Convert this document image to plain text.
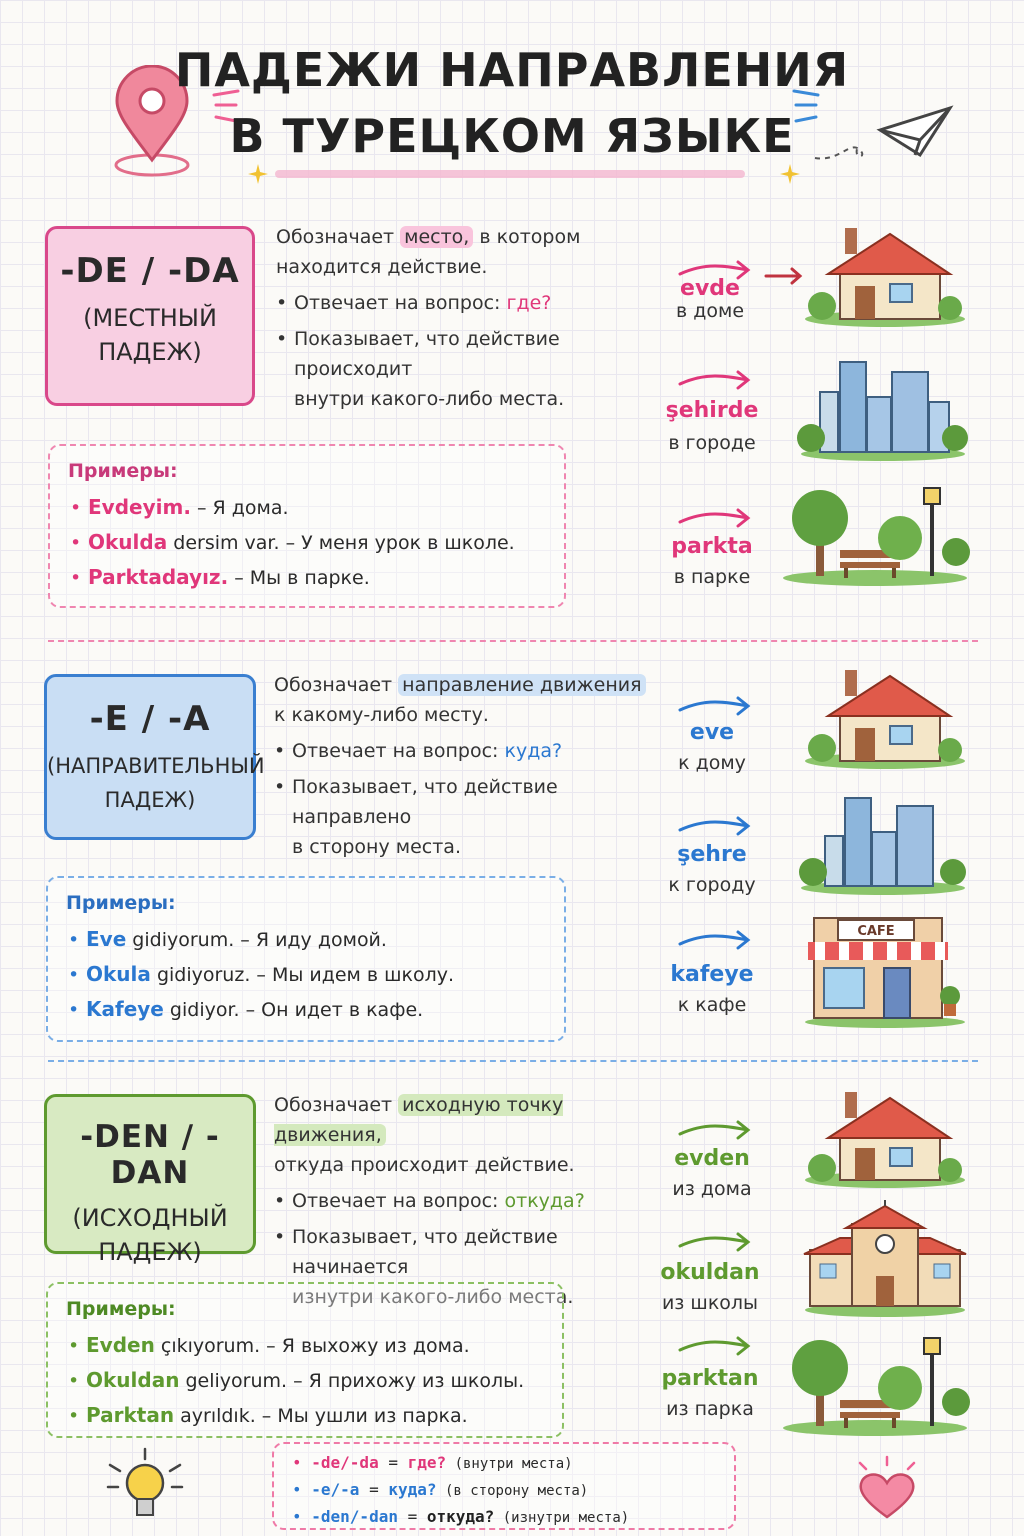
ПАДЕЖИ НАПРАВЛЕНИЯ
В ТУРЕЦКОМ ЯЗЫКЕ
-DE / -DA
(МЕСТНЫЙ
ПАДЕЖ)

Обозначает место, в котором

находится действие.

• Отвечает на вопрос: где?
• Показывает, что действие происходит
внутри какого-либо места.
Примеры:
• Evdeyim. – Я дома.
• Okulda dersim var. – У меня урок в школе.
• Parktadayız. – Мы в парке.
evde
в доме
şehirde
в городе
parkta
в парке
-E / -A
(НАПРАВИТЕЛЬНЫЙ
ПАДЕЖ)

Обозначает направление движения

к какому-либо месту.

• Отвечает на вопрос: куда?
• Показывает, что действие направлено
в сторону места.
Примеры:
• Eve gidiyorum. – Я иду домой.
• Okula gidiyoruz. – Мы идем в школу.
• Kafeye gidiyor. – Он идет в кафе.
eve
к дому
şehre
к городу
kafeye
к кафе
CAFE
-DEN / -DAN
(ИСХОДНЫЙ
ПАДЕЖ)

Обозначает исходную точку движения,

откуда происходит действие.

• Отвечает на вопрос: откуда?
• Показывает, что действие начинается
изнутри какого-либо места.
Примеры:
• Evden çıkıyorum. – Я выхожу из дома.
• Okuldan geliyorum. – Я прихожу из школы.
• Parktan ayrıldık. – Мы ушли из парка.
evden
из дома
okuldan
из школы
parktan
из парка
• -de/-da = где? (внутри места)
• -e/-a = куда? (в сторону места)
• -den/-dan = откуда? (изнутри места)
